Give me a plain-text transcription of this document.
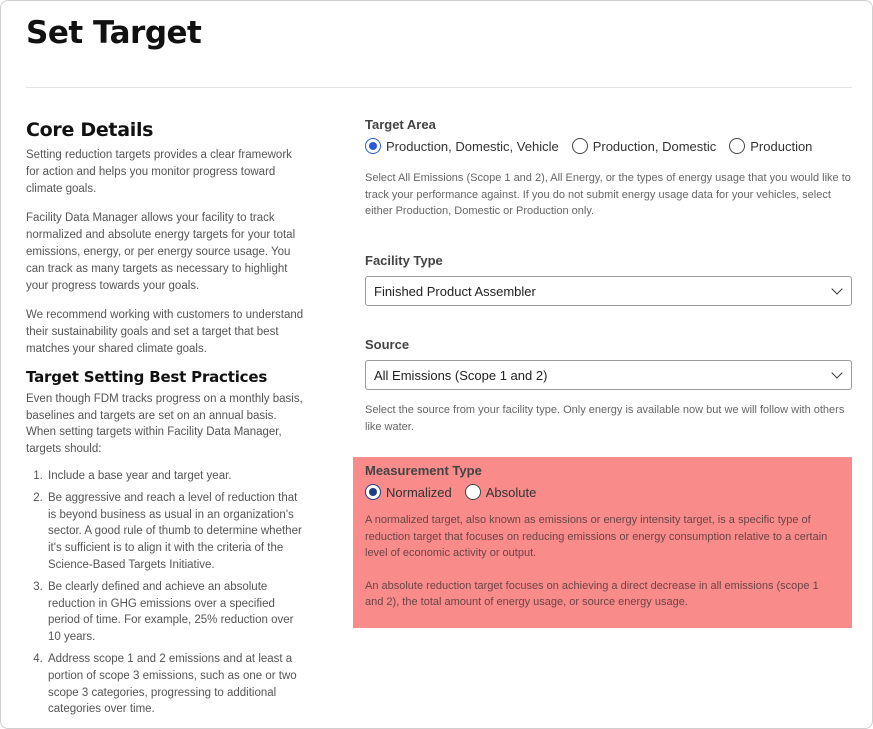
Set Target
Core Details

Setting reduction targets provides a clear framework for action and helps you monitor progress toward climate goals.

Facility Data Manager allows your facility to track normalized and absolute energy targets for your total emissions, energy, or per energy source usage. You can track as many targets as necessary to highlight your progress towards your goals.

We recommend working with customers to understand their sustainability goals and set a target that best matches your shared climate goals.

Target Setting Best Practices

Even though FDM tracks progress on a monthly basis, baselines and targets are set on an annual basis. When setting targets within Facility Data Manager, targets should:

1. Include a base year and target year.
2. Be aggressive and reach a level of reduction that is beyond business as usual in an organization's sector. A good rule of thumb to determine whether it's sufficient is to align it with the criteria of the Science-Based Targets Initiative.
3. Be clearly defined and achieve an absolute reduction in GHG emissions over a specified period of time. For example, 25% reduction over 10 years.
4. Address scope 1 and 2 emissions and at least a portion of scope 3 emissions, such as one or two scope 3 categories, progressing to additional categories over time.
Target Area
Production, Domestic, Vehicle	Production, Domestic	Production

Select All Emissions (Scope 1 and 2), All Energy, or the types of energy usage that you would like to track your performance against. If you do not submit energy usage data for your vehicles, select either Production, Domestic or Production only.

Facility Type
Finished Product Assembler
Source
All Emissions (Scope 1 and 2)

Select the source from your facility type. Only energy is available now but we will follow with others like water.

Measurement Type
Normalized	Absolute

A normalized target, also known as emissions or energy intensity target, is a specific type of reduction target that focuses on reducing emissions or energy consumption relative to a certain level of economic activity or output.

An absolute reduction target focuses on achieving a direct decrease in all emissions (scope 1 and 2), the total amount of energy usage, or source energy usage.
